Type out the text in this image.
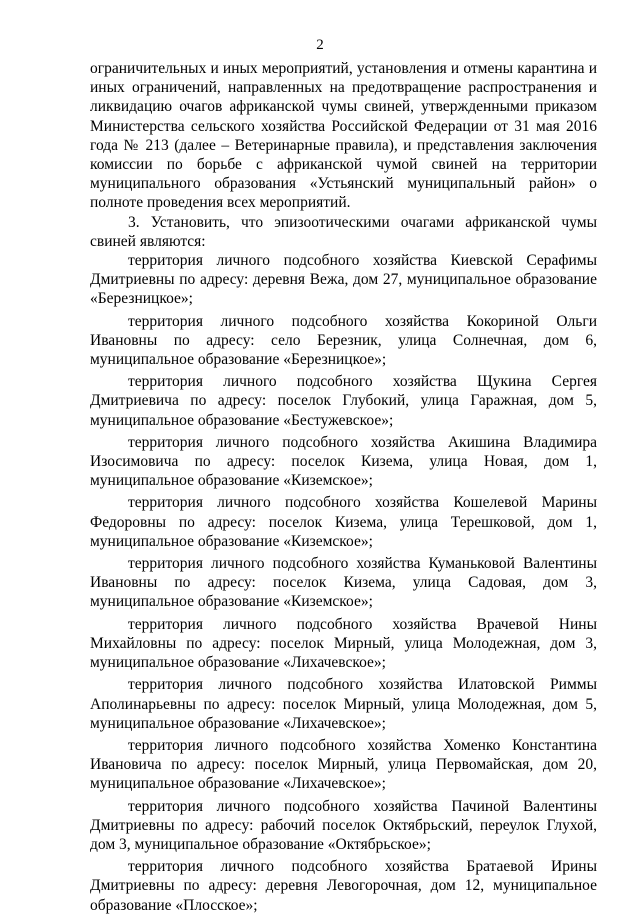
2

ограничительных и иных мероприятий, установления и отмены карантина и иных ограничений, направленных на предотвращение распространения и ликвидацию очагов африканской чумы свиней, утвержденными приказом Министерства сельского хозяйства Российской Федерации от 31 мая 2016 года № 213 (далее – Ветеринарные правила), и представления заключения комиссии по борьбе с африканской чумой свиней на территории муниципального образования «Устьянский муниципальный район» о полноте проведения всех мероприятий.

3. Установить, что эпизоотическими очагами африканской чумы свиней являются:

территория личного подсобного хозяйства Киевской Серафимы Дмитриевны по адресу: деревня Вежа, дом 27, муниципальное образование «Березницкое»;

территория личного подсобного хозяйства Кокориной Ольги Ивановны по адресу: село Березник, улица Солнечная, дом 6, муниципальное образование «Березницкое»;

территория личного подсобного хозяйства Щукина Сергея Дмитриевича по адресу: поселок Глубокий, улица Гаражная, дом 5, муниципальное образование «Бестужевское»;

территория личного подсобного хозяйства Акишина Владимира Изосимовича по адресу: поселок Кизема, улица Новая, дом 1, муниципальное образование «Киземское»;

территория личного подсобного хозяйства Кошелевой Марины Федоровны по адресу: поселок Кизема, улица Терешковой, дом 1, муниципальное образование «Киземское»;

территория личного подсобного хозяйства Куманьковой Валентины Ивановны по адресу: поселок Кизема, улица Садовая, дом 3, муниципальное образование «Киземское»;

территория личного подсобного хозяйства Врачевой Нины Михайловны по адресу: поселок Мирный, улица Молодежная, дом 3, муниципальное образование «Лихачевское»;

территория личного подсобного хозяйства Илатовской Риммы Аполинарьевны по адресу: поселок Мирный, улица Молодежная, дом 5, муниципальное образование «Лихачевское»;

территория личного подсобного хозяйства Хоменко Константина Ивановича по адресу: поселок Мирный, улица Первомайская, дом 20, муниципальное образование «Лихачевское»;

территория личного подсобного хозяйства Пачиной Валентины Дмитриевны по адресу: рабочий поселок Октябрьский, переулок Глухой, дом 3, муниципальное образование «Октябрьское»;

территория личного подсобного хозяйства Братаевой Ирины Дмитриевны по адресу: деревня Левогорочная, дом 12, муниципальное образование «Плосское»;
